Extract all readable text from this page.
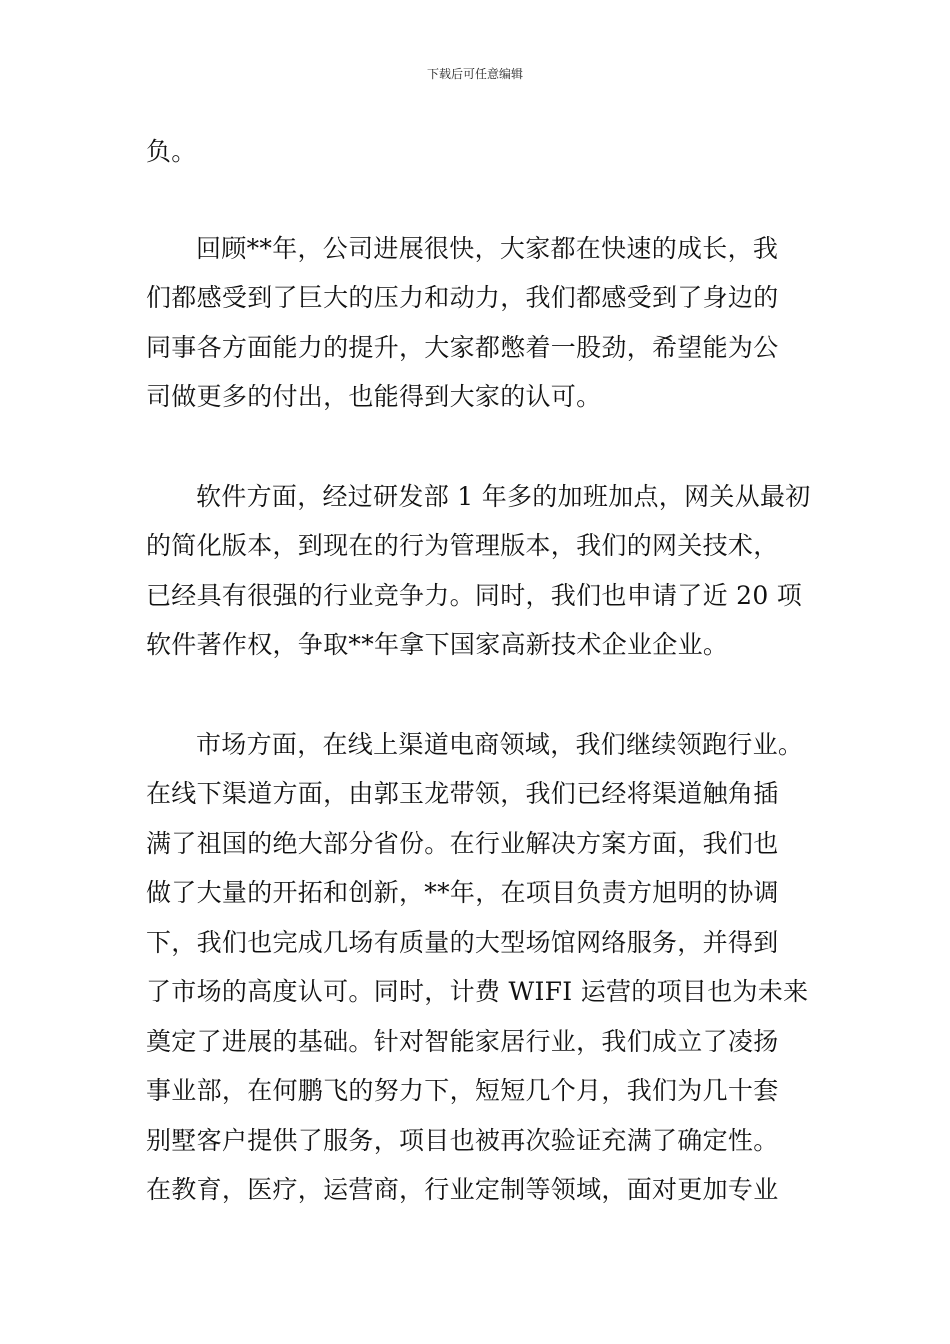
下载后可任意编辑
负。
回顾**年，公司进展很快，大家都在快速的成长，我
们都感受到了巨大的压力和动力，我们都感受到了身边的
同事各方面能力的提升，大家都憋着一股劲，希望能为公
司做更多的付出，也能得到大家的认可。
软件方面，经过研发部 1 年多的加班加点，网关从最初
的简化版本，到现在的行为管理版本，我们的网关技术，
已经具有很强的行业竞争力。同时，我们也申请了近 20 项
软件著作权，争取**年拿下国家高新技术企业企业。
市场方面，在线上渠道电商领域，我们继续领跑行业。
在线下渠道方面，由郭玉龙带领，我们已经将渠道触角插
满了祖国的绝大部分省份。在行业解决方案方面，我们也
做了大量的开拓和创新，**年，在项目负责方旭明的协调
下，我们也完成几场有质量的大型场馆网络服务，并得到
了市场的高度认可。同时，计费 WIFI 运营的项目也为未来
奠定了进展的基础。针对智能家居行业，我们成立了凌扬
事业部，在何鹏飞的努力下，短短几个月，我们为几十套
别墅客户提供了服务，项目也被再次验证充满了确定性。
在教育，医疗，运营商，行业定制等领域，面对更加专业
